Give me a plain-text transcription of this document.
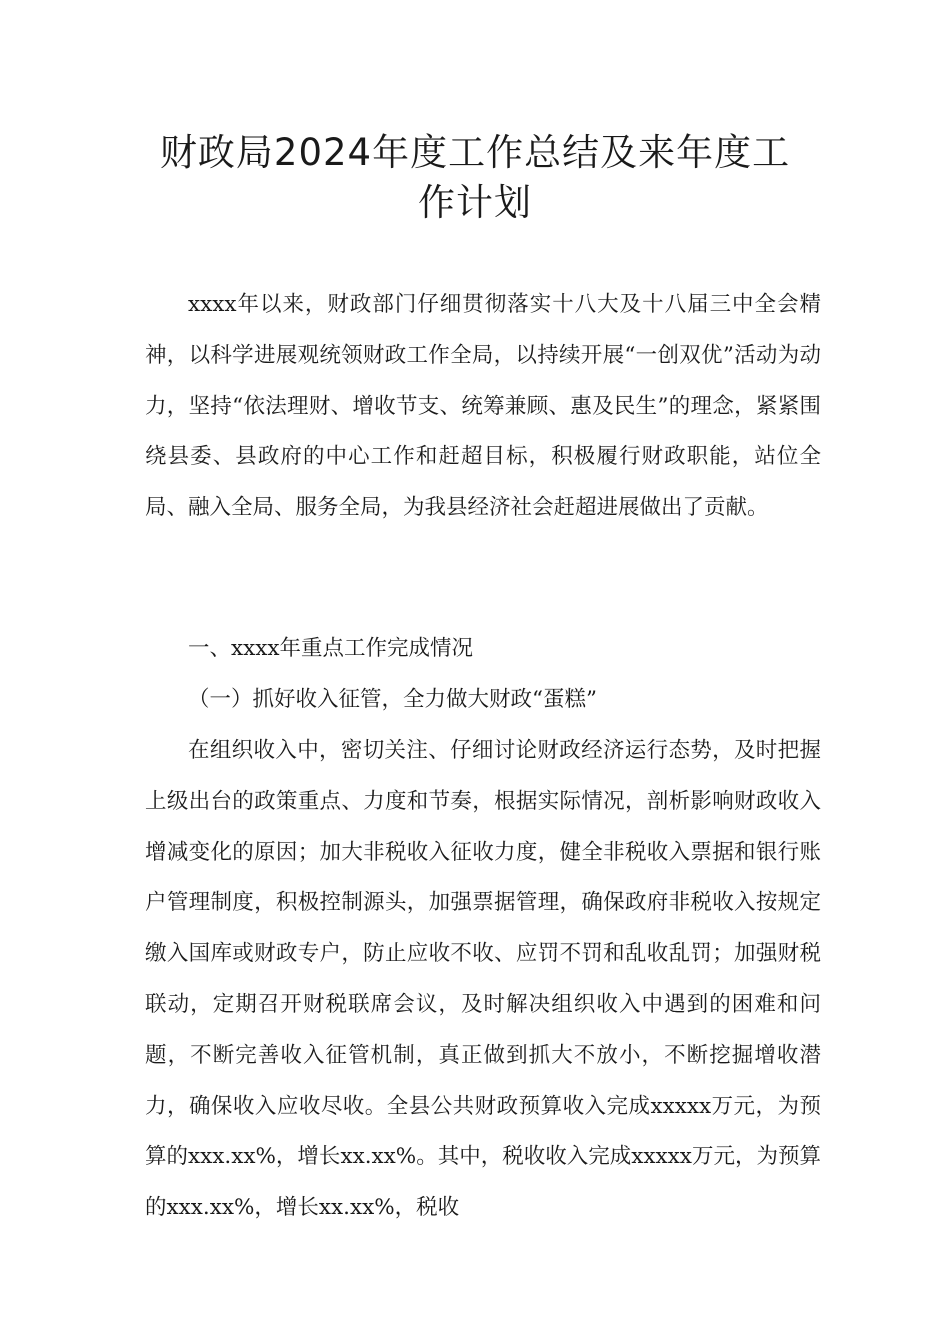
财政局2024年度工作总结及来年度工作计划

xxxx年以来，财政部门仔细贯彻落实十八大及十八届三中全会精神，以科学进展观统领财政工作全局，以持续开展“一创双优”活动为动力，坚持“依法理财、增收节支、统筹兼顾、惠及民生”的理念，紧紧围绕县委、县政府的中心工作和赶超目标，积极履行财政职能，站位全局、融入全局、服务全局，为我县经济社会赶超进展做出了贡献。

一、xxxx年重点工作完成情况

（一）抓好收入征管，全力做大财政“蛋糕”

在组织收入中，密切关注、仔细讨论财政经济运行态势，及时把握上级出台的政策重点、力度和节奏，根据实际情况，剖析影响财政收入增减变化的原因；加大非税收入征收力度，健全非税收入票据和银行账户管理制度，积极控制源头，加强票据管理，确保政府非税收入按规定缴入国库或财政专户，防止应收不收、应罚不罚和乱收乱罚；加强财税联动，定期召开财税联席会议，及时解决组织收入中遇到的困难和问题，不断完善收入征管机制，真正做到抓大不放小，不断挖掘增收潜力，确保收入应收尽收。全县公共财政预算收入完成xxxxx万元，为预算的xxx.xx%，增长xx.xx%。其中，税收收入完成xxxxx万元，为预算的xxx.xx%，增长xx.xx%，税收
